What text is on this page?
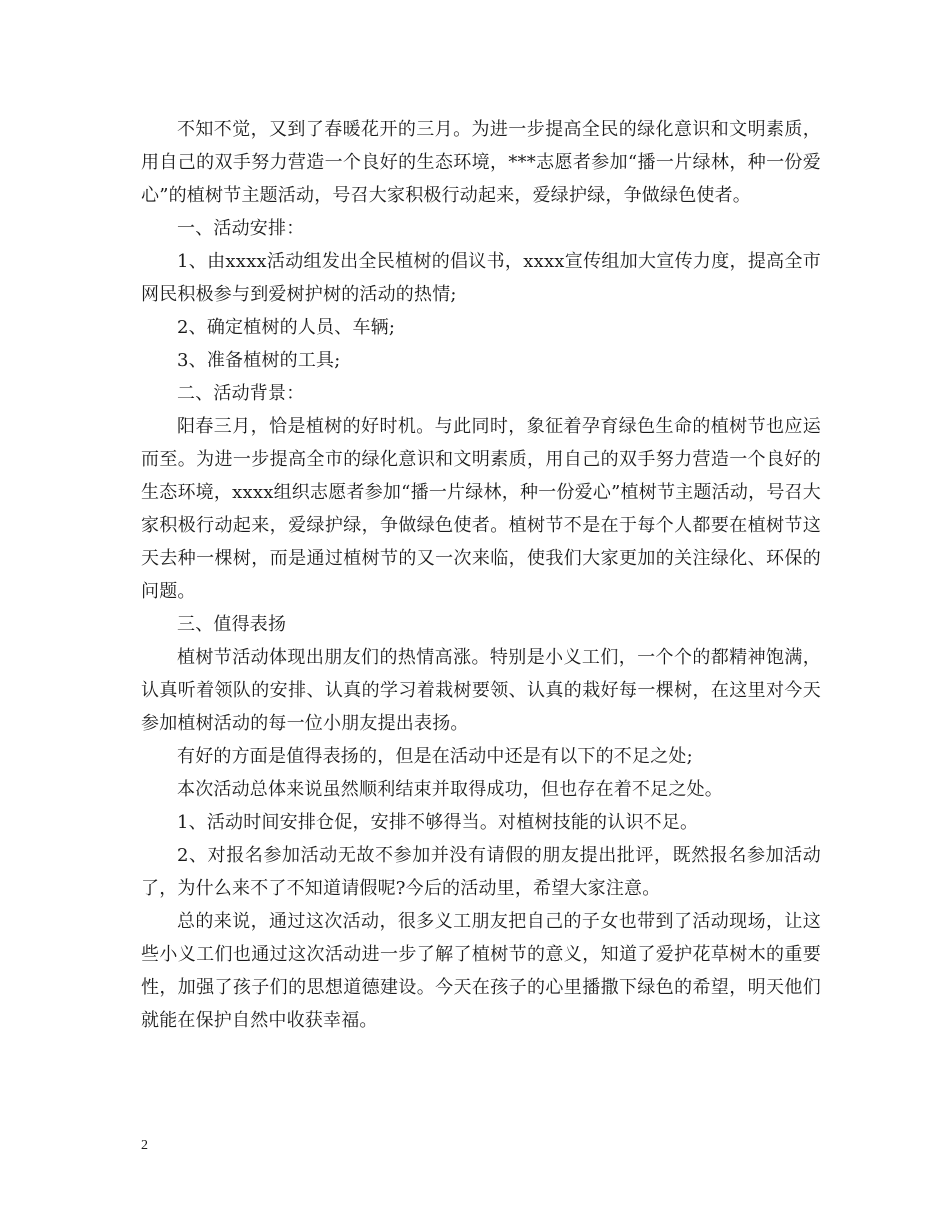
不知不觉，又到了春暖花开的三月。为进一步提高全民的绿化意识和文明素质，用自己的双手努力营造一个良好的生态环境，***志愿者参加“播一片绿林，种一份爱心”的植树节主题活动，号召大家积极行动起来，爱绿护绿，争做绿色使者。

一、活动安排：

1、由xxxx活动组发出全民植树的倡议书，xxxx宣传组加大宣传力度，提高全市网民积极参与到爱树护树的活动的热情;

2、确定植树的人员、车辆;

3、准备植树的工具;

二、活动背景：

阳春三月，恰是植树的好时机。与此同时，象征着孕育绿色生命的植树节也应运而至。为进一步提高全市的绿化意识和文明素质，用自己的双手努力营造一个良好的生态环境，xxxx组织志愿者参加“播一片绿林，种一份爱心”植树节主题活动，号召大家积极行动起来，爱绿护绿，争做绿色使者。植树节不是在于每个人都要在植树节这天去种一棵树，而是通过植树节的又一次来临，使我们大家更加的关注绿化、环保的问题。

三、值得表扬

植树节活动体现出朋友们的热情高涨。特别是小义工们，一个个的都精神饱满，认真听着领队的安排、认真的学习着栽树要领、认真的栽好每一棵树，在这里对今天参加植树活动的每一位小朋友提出表扬。

有好的方面是值得表扬的，但是在活动中还是有以下的不足之处;

本次活动总体来说虽然顺利结束并取得成功，但也存在着不足之处。

1、活动时间安排仓促，安排不够得当。对植树技能的认识不足。

2、对报名参加活动无故不参加并没有请假的朋友提出批评，既然报名参加活动了，为什么来不了不知道请假呢?今后的活动里，希望大家注意。

总的来说，通过这次活动，很多义工朋友把自己的子女也带到了活动现场，让这些小义工们也通过这次活动进一步了解了植树节的意义，知道了爱护花草树木的重要性，加强了孩子们的思想道德建设。今天在孩子的心里播撒下绿色的希望，明天他们就能在保护自然中收获幸福。

2
